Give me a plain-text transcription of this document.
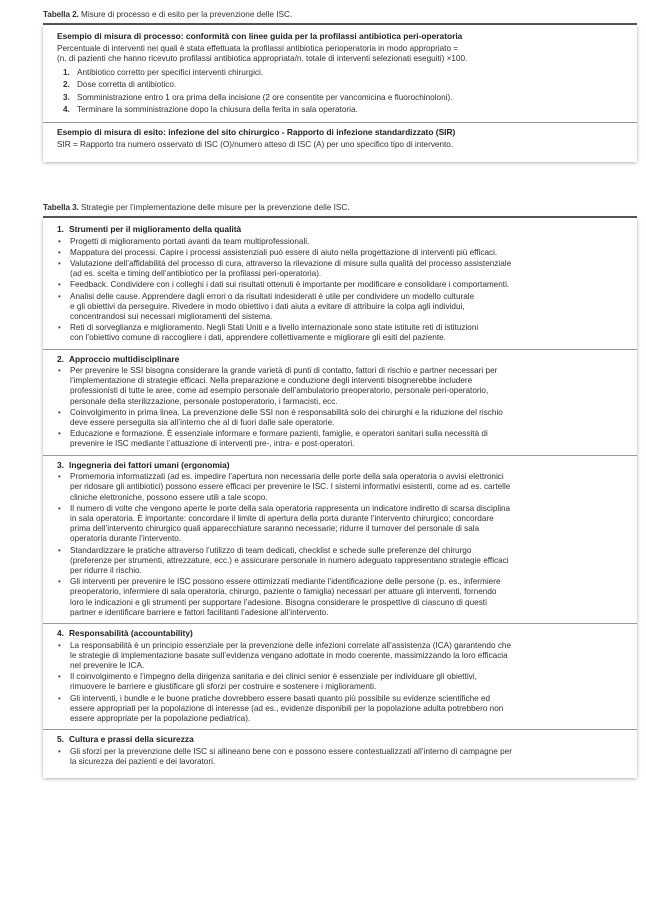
Tabella 2. Misure di processo e di esito per la prevenzione delle ISC.
Esempio di misura di processo: conformità con linee guida per la profilassi antibiotica peri-operatoria
Percentuale di interventi nei quali è stata effettuata la profilassi antibiotica perioperatoria in modo appropriato =
(n. di pazienti che hanno ricevuto profilassi antibiotica appropriata/n. totale di interventi selezionati eseguiti) ×100.
1. Antibiotico corretto per specifici interventi chirurgici.
2. Dose corretta di antibiotico.
3. Somministrazione entro 1 ora prima della incisione (2 ore consentite per vancomicina e fluorochinoloni).
4. Terminare la somministrazione dopo la chiusura della ferita in sala operatoria.
Esempio di misura di esito: infezione del sito chirurgico - Rapporto di infezione standardizzato (SIR)
SIR = Rapporto tra numero osservato di ISC (O)/numero atteso di ISC (A) per uno specifico tipo di intervento.
Tabella 3. Strategie per l’implementazione delle misure per la prevenzione delle ISC.
1. Strumenti per il miglioramento della qualità
•	Progetti di miglioramento portati avanti da team multiprofessionali.
•	Mappatura dei processi. Capire i processi assistenziali può essere di aiuto nella progettazione di interventi più efficaci.
•	Valutazione dell’affidabilità del processo di cura, attraverso la rilevazione di misure sulla qualità del processo assistenziale
(ad es. scelta e timing dell’antibiotico per la profilassi peri-operatoria).
•	Feedback. Condividere con i colleghi i dati sui risultati ottenuti è importante per modificare e consolidare i comportamenti.
•	Analisi delle cause. Apprendere dagli errori o da risultati indesiderati è utile per condividere un modello culturale
e gli obiettivi da perseguire. Rivedere in modo obiettivo i dati aiuta a evitare di attribuire la colpa agli individui,
concentrandosi sui necessari miglioramenti del sistema.
•	Reti di sorveglianza e miglioramento. Negli Stati Uniti e a livello internazionale sono state istituite reti di istituzioni
con l’obiettivo comune di raccogliere i dati, apprendere collettivamente e migliorare gli esiti del paziente.
2. Approccio multidisciplinare
•	Per prevenire le SSI bisogna considerare la grande varietà di punti di contatto, fattori di rischio e partner necessari per
l’implementazione di strategie efficaci. Nella preparazione e conduzione degli interventi bisognerebbe includere
professionisti di tutte le aree, come ad esempio personale dell’ambulatorio preoperatorio, personale peri-operatorio,
personale della sterilizzazione, personale postoperatorio, i farmacisti, ecc.
•	Coinvolgimento in prima linea. La prevenzione delle SSI non è responsabilità solo dei chirurghi e la riduzione del rischio
deve essere perseguita sia all’interno che al di fuori dalle sale operatorie.
•	Educazione e formazione. È essenziale informare e formare pazienti, famiglie, e operatori sanitari sulla necessità di
prevenire le ISC mediante l’attuazione di interventi pre-, intra- e post-operatori.
3. Ingegneria dei fattori umani (ergonomia)
•	Promemoria informatizzati (ad es. impedire l’apertura non necessaria delle porte della sala operatoria o avvisi elettronici
per ridosare gli antibiotici) possono essere efficaci per prevenire le ISC. I sistemi informativi esistenti, come ad es. cartelle
cliniche elettroniche, possono essere utili a tale scopo.
•	Il numero di volte che vengono aperte le porte della sala operatoria rappresenta un indicatore indiretto di scarsa disciplina
in sala operatoria. È importante: concordare il limite di apertura della porta durante l’intervento chirurgico; concordare
prima dell’intervento chirurgico quali apparecchiature saranno necessarie; ridurre il turnover del personale di sala
operatoria durante l’intervento.
•	Standardizzare le pratiche attraverso l’utilizzo di team dedicati, checklist e schede sulle preferenze del chirurgo
(preferenze per strumenti, attrezzature, ecc.) e assicurare personale in numero adeguato rappresentano strategie efficaci
per ridurre il rischio.
•	Gli interventi per prevenire le ISC possono essere ottimizzati mediante l’identificazione delle persone (p. es., infermiere
preoperatorio, infermiere di sala operatoria, chirurgo, paziente o famiglia) necessari per attuare gli interventi, fornendo
loro le indicazioni e gli strumenti per supportare l’adesione. Bisogna considerare le prospettive di ciascuno di questi
partner e identificare barriere e fattori facilitanti l’adesione all’intervento.
4. Responsabilità (accountability)
•	La responsabilità è un principio essenziale per la prevenzione delle infezioni correlate all’assistenza (ICA) garantendo che
le strategie di implementazione basate sull’evidenza vengano adottate in modo coerente, massimizzando la loro efficacia
nel prevenire le ICA.
•	Il coinvolgimento e l’impegno della dirigenza sanitaria e dei clinici senior è essenziale per individuare gli obiettivi,
rimuovere le barriere e giustificare gli sforzi per costruire e sostenere i miglioramenti.
•	Gli interventi, i bundle e le buone pratiche dovrebbero essere basati quanto più possibile su evidenze scientifiche ed
essere appropriati per la popolazione di interesse (ad es., evidenze disponibili per la popolazione adulta potrebbero non
essere appropriate per la popolazione pediatrica).
5. Cultura e prassi della sicurezza
•	Gli sforzi per la prevenzione delle ISC si allineano bene con e possono essere contestualizzati all’interno di campagne per
la sicurezza dei pazienti e dei lavoratori.
